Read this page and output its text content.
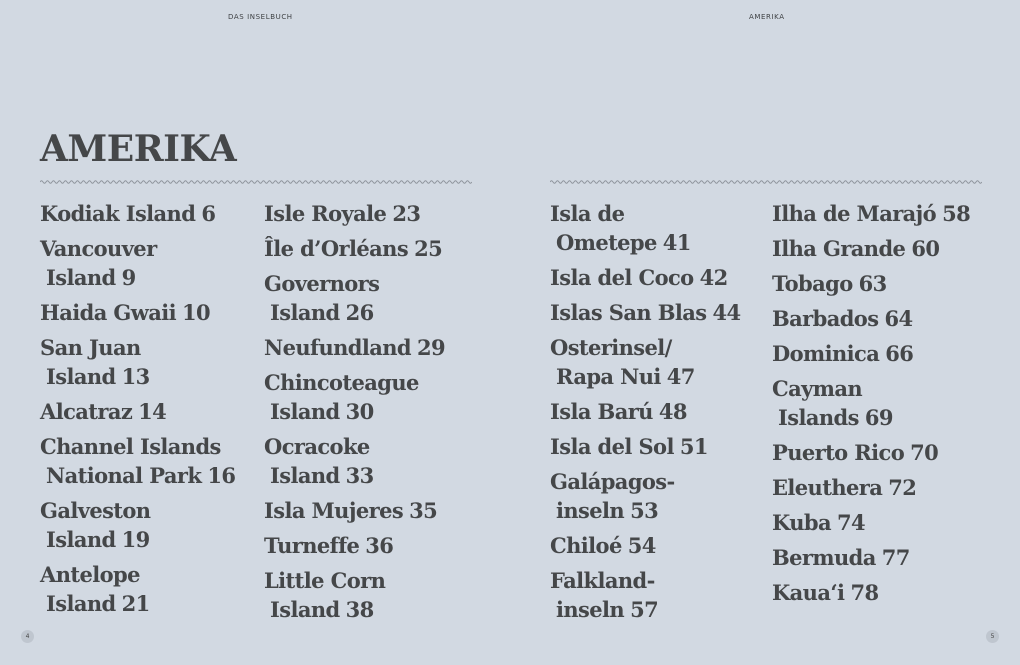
DAS INSELBUCH	AMERIKA
AMERIKA
Kodiak Island 6
Vancouver
Island 9
Haida Gwaii 10
San Juan
Island 13
Alcatraz 14
Channel Islands
National Park 16
Galveston
Island 19
Antelope
Island 21
Isle Royale 23
Île d’Orléans 25
Governors
Island 26
Neufundland 29
Chincoteague
Island 30
Ocracoke
Island 33
Isla Mujeres 35
Turneffe 36
Little Corn
Island 38
Isla de
Ometepe 41
Isla del Coco 42
Islas San Blas 44
Osterinsel/
Rapa Nui 47
Isla Barú 48
Isla del Sol 51
Galápagos-
inseln 53
Chiloé 54
Falkland-
inseln 57
Ilha de Marajó 58
Ilha Grande 60
Tobago 63
Barbados 64
Dominica 66
Cayman
Islands 69
Puerto Rico 70
Eleuthera 72
Kuba 74
Bermuda 77
Kaua‘i 78
4	5
